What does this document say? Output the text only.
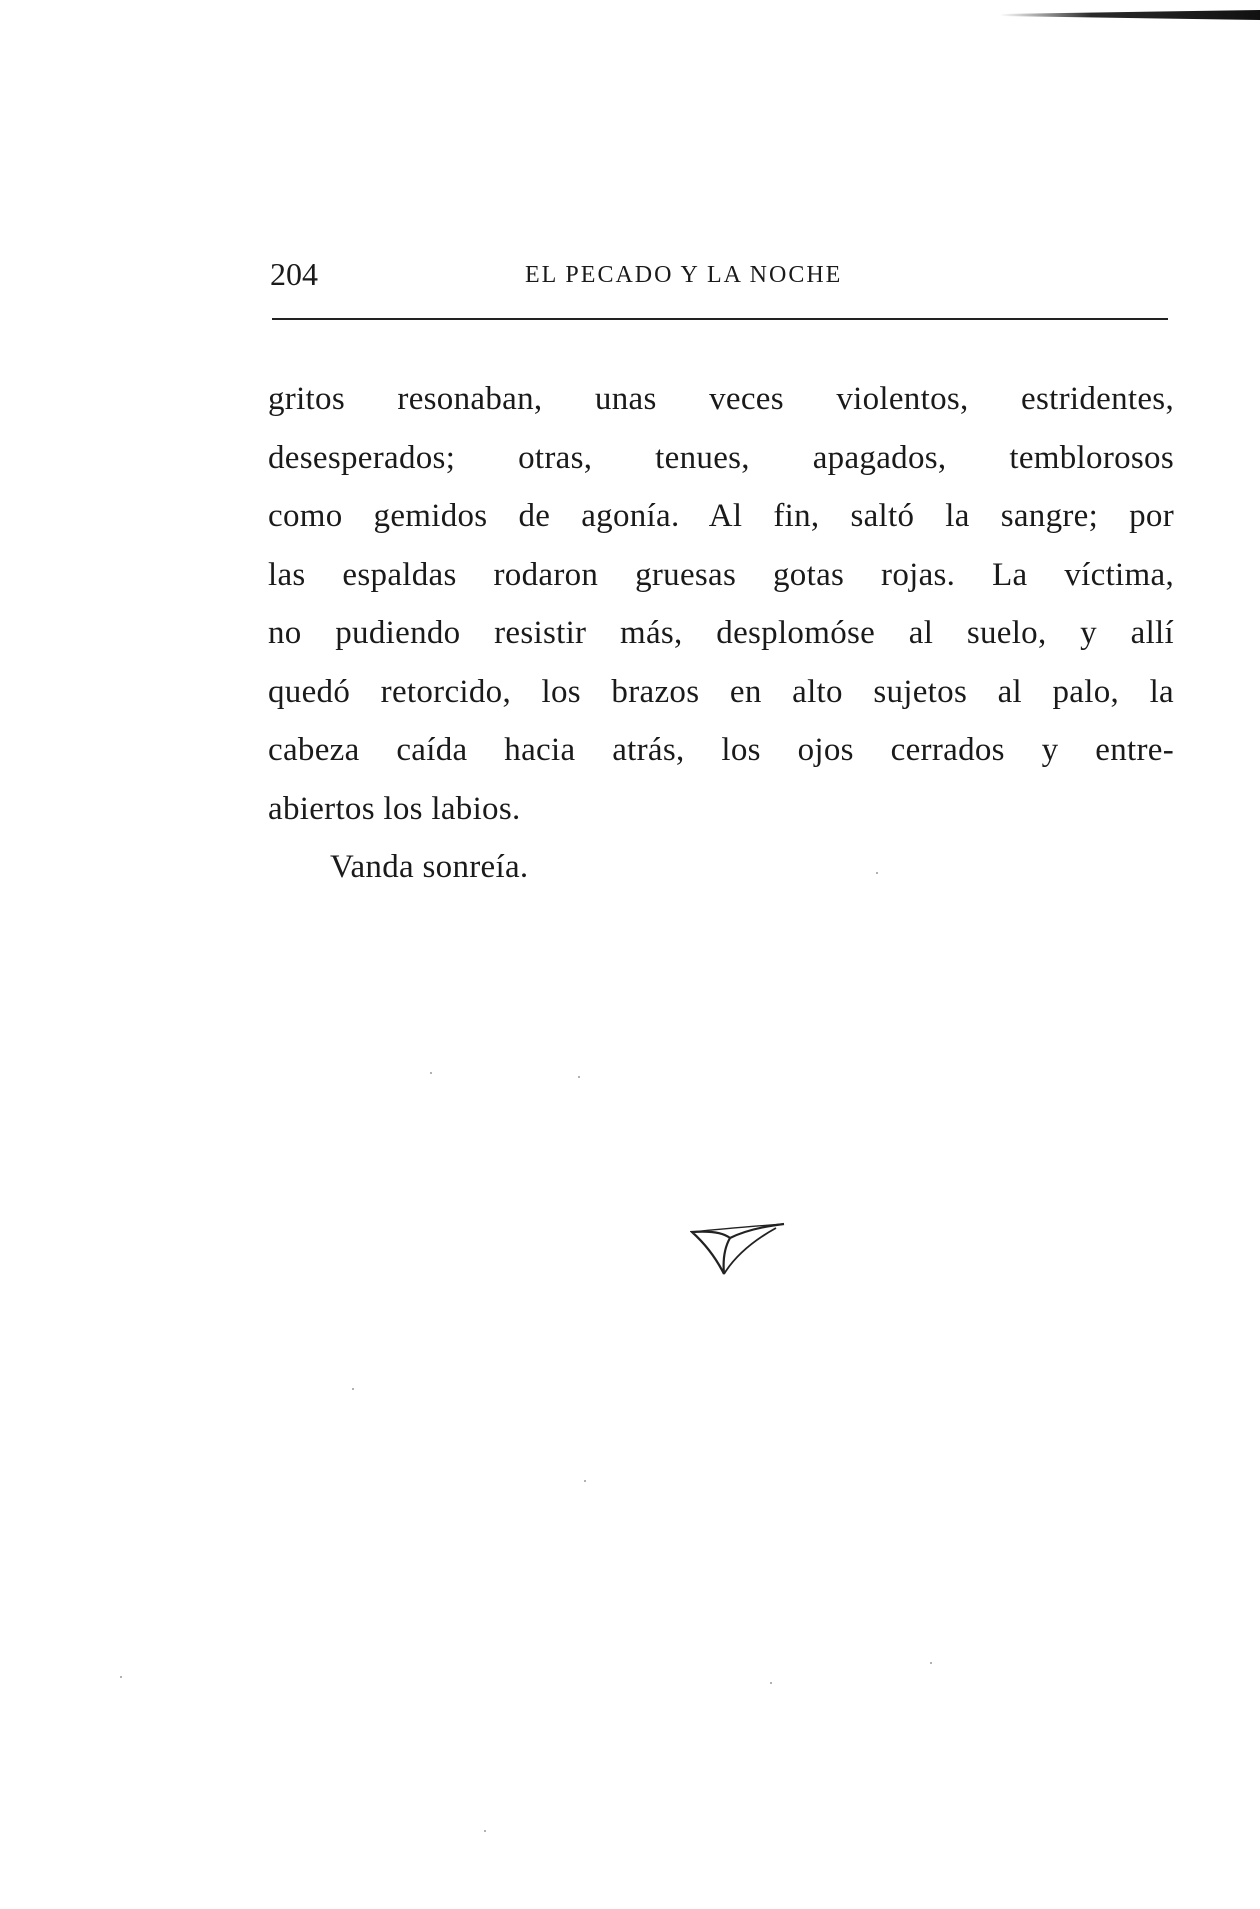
204	EL PECADO Y LA NOCHE
gritos resonaban, unas veces violentos, estridentes,
desesperados; otras, tenues, apagados, temblorosos
como gemidos de agonía. Al fin, saltó la sangre; por
las espaldas rodaron gruesas gotas rojas. La víctima,
no pudiendo resistir más, desplomóse al suelo, y allí
quedó retorcido, los brazos en alto sujetos al palo, la
cabeza caída hacia atrás, los ojos cerrados y entre-
abiertos los labios.
Vanda sonreía.
